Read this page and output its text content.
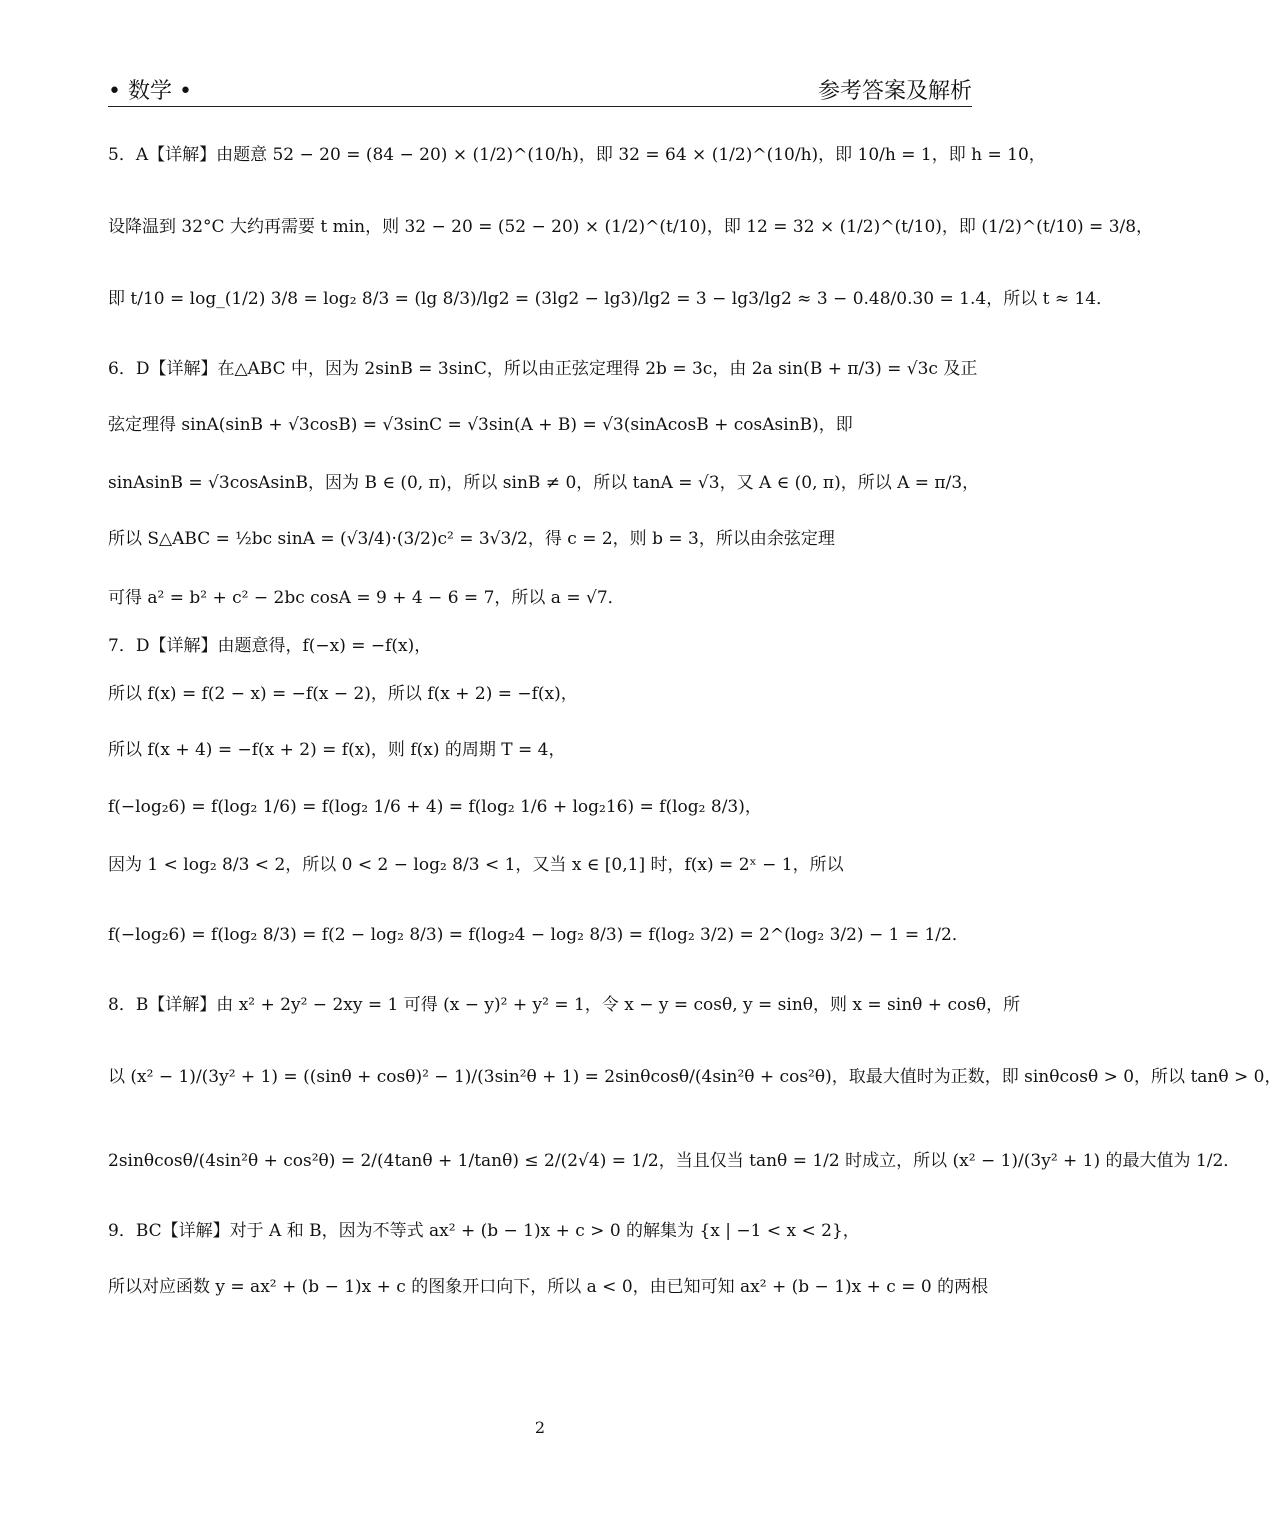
• 数学 •	参考答案及解析
5．A【详解】由题意 52 − 20 = (84 − 20) × (1/2)^(10/h)，即 32 = 64 × (1/2)^(10/h)，即 10/h = 1，即 h = 10，
设降温到 32°C 大约再需要 t min，则 32 − 20 = (52 − 20) × (1/2)^(t/10)，即 12 = 32 × (1/2)^(t/10)，即 (1/2)^(t/10) = 3/8，
即 t/10 = log_(1/2) 3/8 = log₂ 8/3 = (lg 8/3)/lg2 = (3lg2 − lg3)/lg2 = 3 − lg3/lg2 ≈ 3 − 0.48/0.30 = 1.4，所以 t ≈ 14．
6．D【详解】在△ABC 中，因为 2sinB = 3sinC，所以由正弦定理得 2b = 3c，由 2a sin(B + π/3) = √3c 及正
弦定理得 sinA(sinB + √3cosB) = √3sinC = √3sin(A + B) = √3(sinAcosB + cosAsinB)，即
sinAsinB = √3cosAsinB，因为 B ∈ (0, π)，所以 sinB ≠ 0，所以 tanA = √3，又 A ∈ (0, π)，所以 A = π/3，
所以 S△ABC = ½bc sinA = (√3/4)·(3/2)c² = 3√3/2，得 c = 2，则 b = 3，所以由余弦定理
可得 a² = b² + c² − 2bc cosA = 9 + 4 − 6 = 7，所以 a = √7．
7．D【详解】由题意得，f(−x) = −f(x)，
所以 f(x) = f(2 − x) = −f(x − 2)，所以 f(x + 2) = −f(x)，
所以 f(x + 4) = −f(x + 2) = f(x)，则 f(x) 的周期 T = 4，
f(−log₂6) = f(log₂ 1/6) = f(log₂ 1/6 + 4) = f(log₂ 1/6 + log₂16) = f(log₂ 8/3)，
因为 1 < log₂ 8/3 < 2，所以 0 < 2 − log₂ 8/3 < 1，又当 x ∈ [0,1] 时，f(x) = 2ˣ − 1，所以
f(−log₂6) = f(log₂ 8/3) = f(2 − log₂ 8/3) = f(log₂4 − log₂ 8/3) = f(log₂ 3/2) = 2^(log₂ 3/2) − 1 = 1/2．
8．B【详解】由 x² + 2y² − 2xy = 1 可得 (x − y)² + y² = 1，令 x − y = cosθ, y = sinθ，则 x = sinθ + cosθ，所
以 (x² − 1)/(3y² + 1) = ((sinθ + cosθ)² − 1)/(3sin²θ + 1) = 2sinθcosθ/(4sin²θ + cos²θ)，取最大值时为正数，即 sinθcosθ > 0，所以 tanθ > 0，
2sinθcosθ/(4sin²θ + cos²θ) = 2/(4tanθ + 1/tanθ) ≤ 2/(2√4) = 1/2，当且仅当 tanθ = 1/2 时成立，所以 (x² − 1)/(3y² + 1) 的最大值为 1/2．
9．BC【详解】对于 A 和 B，因为不等式 ax² + (b − 1)x + c > 0 的解集为 {x | −1 < x < 2}，
所以对应函数 y = ax² + (b − 1)x + c 的图象开口向下，所以 a < 0，由已知可知 ax² + (b − 1)x + c = 0 的两根
2
